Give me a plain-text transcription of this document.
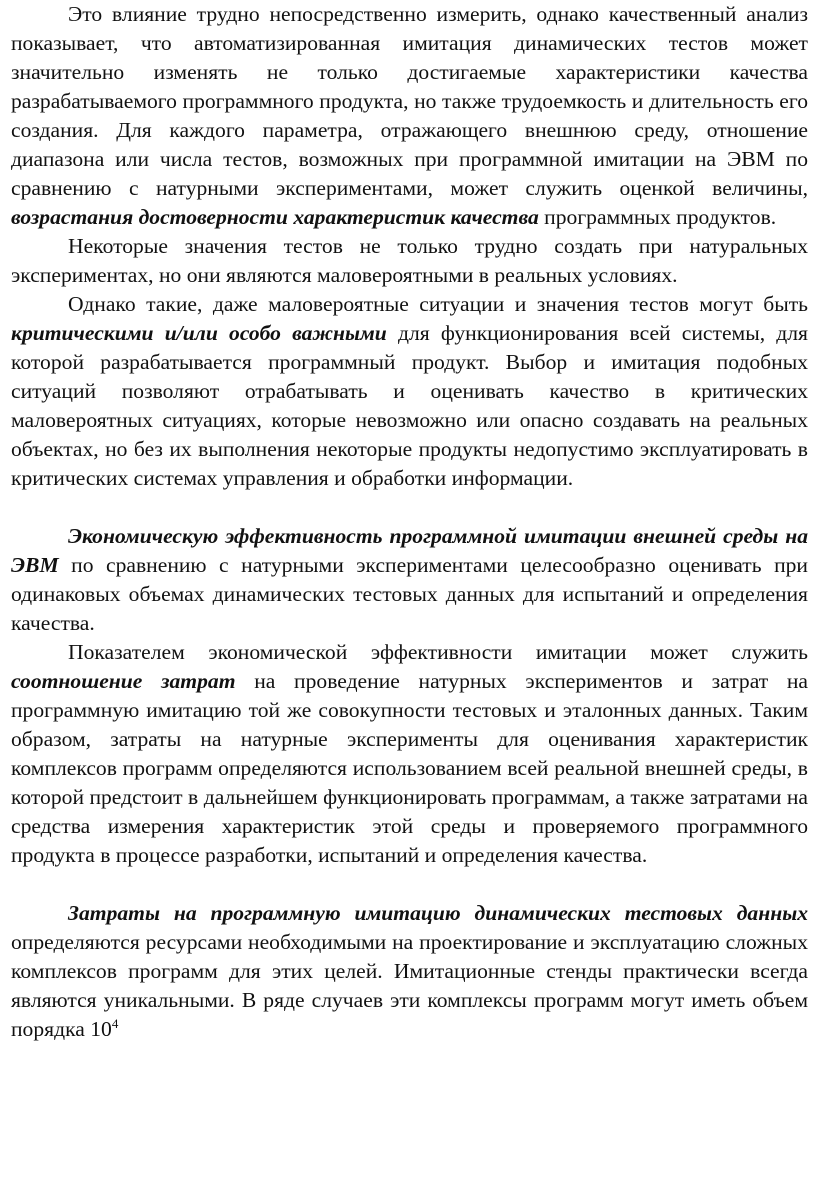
Это влияние трудно непосредственно измерить, однако качественный анализ показывает, что автоматизированная имитация динамических тестов может значительно изменять не только достигаемые характеристики качества разрабатываемого программного продукта, но также трудоемкость и длительность его создания. Для каждого параметра, отражающего внешнюю среду, отношение диапазона или числа тестов, возможных при программной имитации на ЭВМ по сравнению с натурными экспериментами, может служить оценкой величины, возрастания достоверности характеристик качества программных продуктов.

Некоторые значения тестов не только трудно создать при натуральных экспериментах, но они являются маловероятными в реальных условиях.

Однако такие, даже маловероятные ситуации и значения тестов могут быть критическими и/или особо важными для функционирования всей системы, для которой разрабатывается программный продукт. Выбор и имитация подобных ситуаций позволяют отрабатывать и оценивать качество в критических маловероятных ситуациях, которые невозможно или опасно создавать на реальных объектах, но без их выполнения некоторые продукты недопустимо эксплуатировать в критических системах управления и обработки информации.

Экономическую эффективность программной имитации внешней среды на ЭВМ по сравнению с натурными экспериментами целесообразно оценивать при одинаковых объемах динамических тестовых данных для испытаний и определения качества.

Показателем экономической эффективности имитации может служить соотношение затрат на проведение натурных экспериментов и затрат на программную имитацию той же совокупности тестовых и эталонных данных. Таким образом, затраты на натурные эксперименты для оценивания характеристик комплексов программ определяются использованием всей реальной внешней среды, в которой предстоит в дальнейшем функционировать программам, а также затратами на средства измерения характеристик этой среды и проверяемого программного продукта в процессе разработки, испытаний и определения качества.

Затраты на программную имитацию динамических тестовых данных определяются ресурсами необходимыми на проектирование и эксплуатацию сложных комплексов программ для этих целей. Имитационные стенды практически всегда являются уникальными. В ряде случаев эти комплексы программ могут иметь объем порядка $10^4$
